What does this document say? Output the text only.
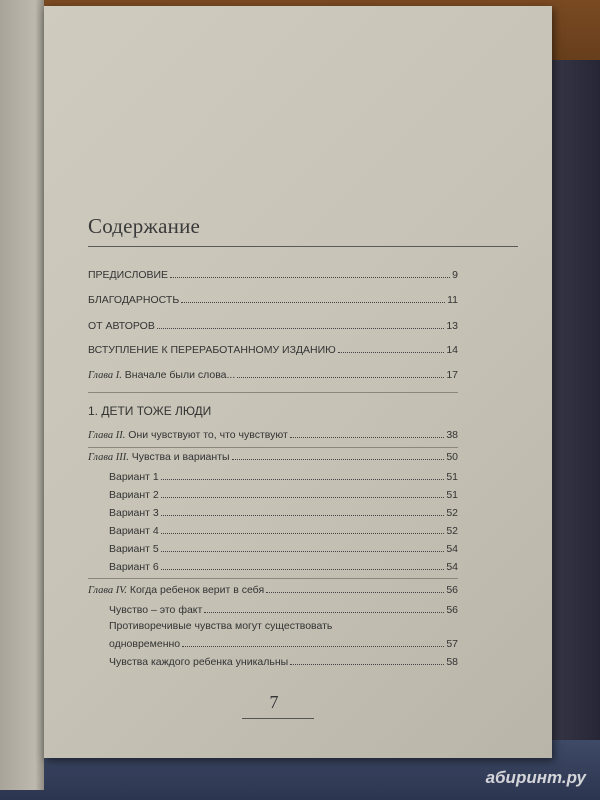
Содержание
ПРЕДИСЛОВИЕ	9
БЛАГОДАРНОСТЬ	11
ОТ АВТОРОВ	13
ВСТУПЛЕНИЕ К ПЕРЕРАБОТАННОМУ ИЗДАНИЮ	14
Глава I. Вначале были слова...	17
1. ДЕТИ ТОЖЕ ЛЮДИ
Глава II. Они чувствуют то, что чувствуют	38
Глава III. Чувства и варианты	50
Вариант 1	51
Вариант 2	51
Вариант 3	52
Вариант 4	52
Вариант 5	54
Вариант 6	54
Глава IV. Когда ребенок верит в себя	56
Чувство – это факт	56
Противоречивые чувства могут существовать
одновременно	57
Чувства каждого ребенка уникальны	58
7
абиринт.ру
